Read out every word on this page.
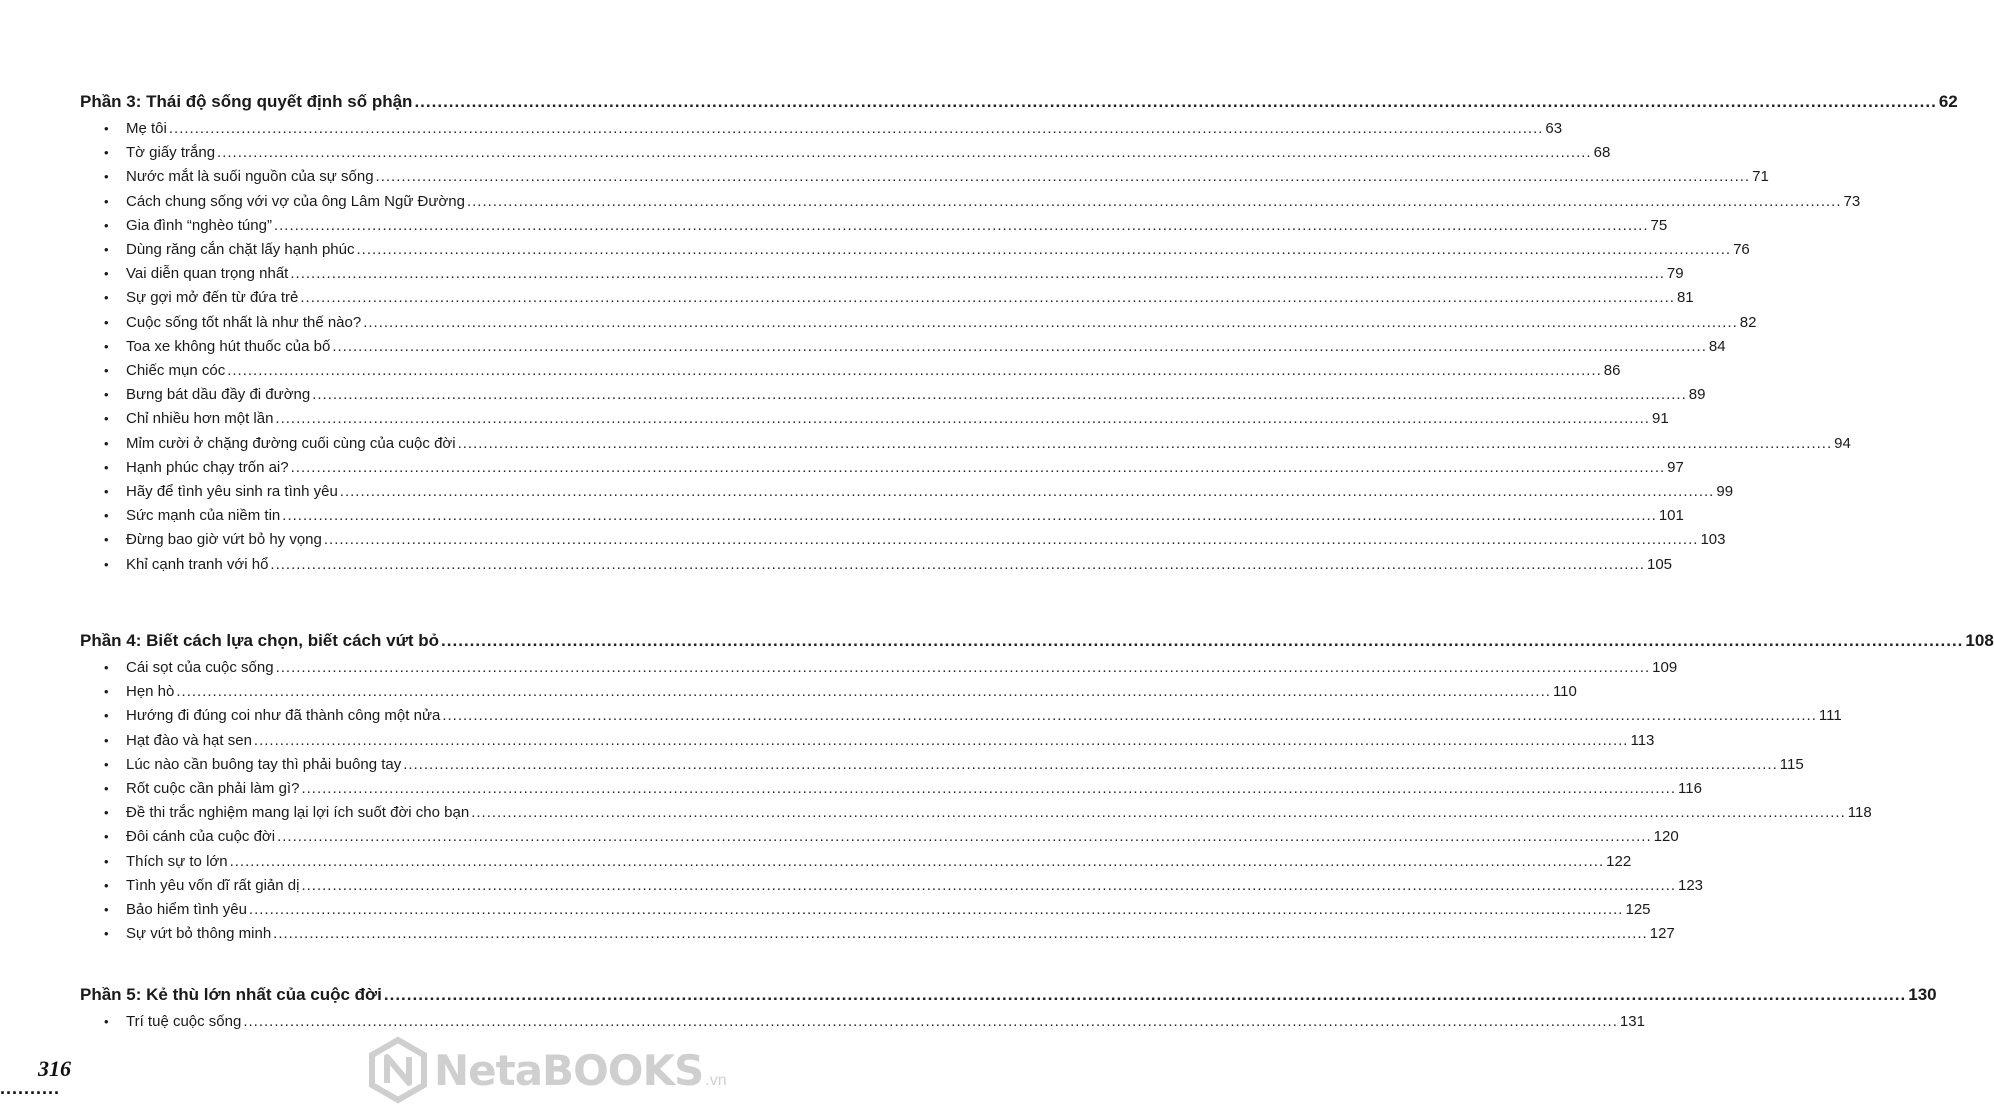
Phần 3: Thái độ sống quyết định số phận .....	62
•	Mẹ tôi .....	63
•	Tờ giấy trắng .....	68
•	Nước mắt là suối nguồn của sự sống .....	71
•	Cách chung sống với vợ của ông Lâm Ngữ Đường .....	73
•	Gia đình “nghèo túng” .....	75
•	Dùng răng cắn chặt lấy hạnh phúc .....	76
•	Vai diễn quan trọng nhất .....	79
•	Sự gợi mở đến từ đứa trẻ .....	81
•	Cuộc sống tốt nhất là như thế nào? .....	82
•	Toa xe không hút thuốc của bố .....	84
•	Chiếc mụn cóc .....	86
•	Bưng bát dầu đầy đi đường .....	89
•	Chỉ nhiều hơn một lần .....	91
•	Mỉm cười ở chặng đường cuối cùng của cuộc đời .....	94
•	Hạnh phúc chạy trốn ai? .....	97
•	Hãy để tình yêu sinh ra tình yêu .....	99
•	Sức mạnh của niềm tin .....	101
•	Đừng bao giờ vứt bỏ hy vọng .....	103
•	Khỉ cạnh tranh với hổ .....	105
Phần 4: Biết cách lựa chọn, biết cách vứt bỏ .....	108
•	Cái sọt của cuộc sống .....	109
•	Hẹn hò .....	110
•	Hướng đi đúng coi như đã thành công một nửa .....	111
•	Hạt đào và hạt sen .....	113
•	Lúc nào cần buông tay thì phải buông tay .....	115
•	Rốt cuộc cần phải làm gì? .....	116
•	Đề thi trắc nghiệm mang lại lợi ích suốt đời cho bạn .....	118
•	Đôi cánh của cuộc đời .....	120
•	Thích sự to lớn .....	122
•	Tình yêu vốn dĩ rất giản dị .....	123
•	Bảo hiểm tình yêu .....	125
•	Sự vứt bỏ thông minh .....	127
Phần 5: Kẻ thù lớn nhất của cuộc đời .....	130
•	Trí tuệ cuộc sống .....	131
316
..........	NetaBOOKS .vn
